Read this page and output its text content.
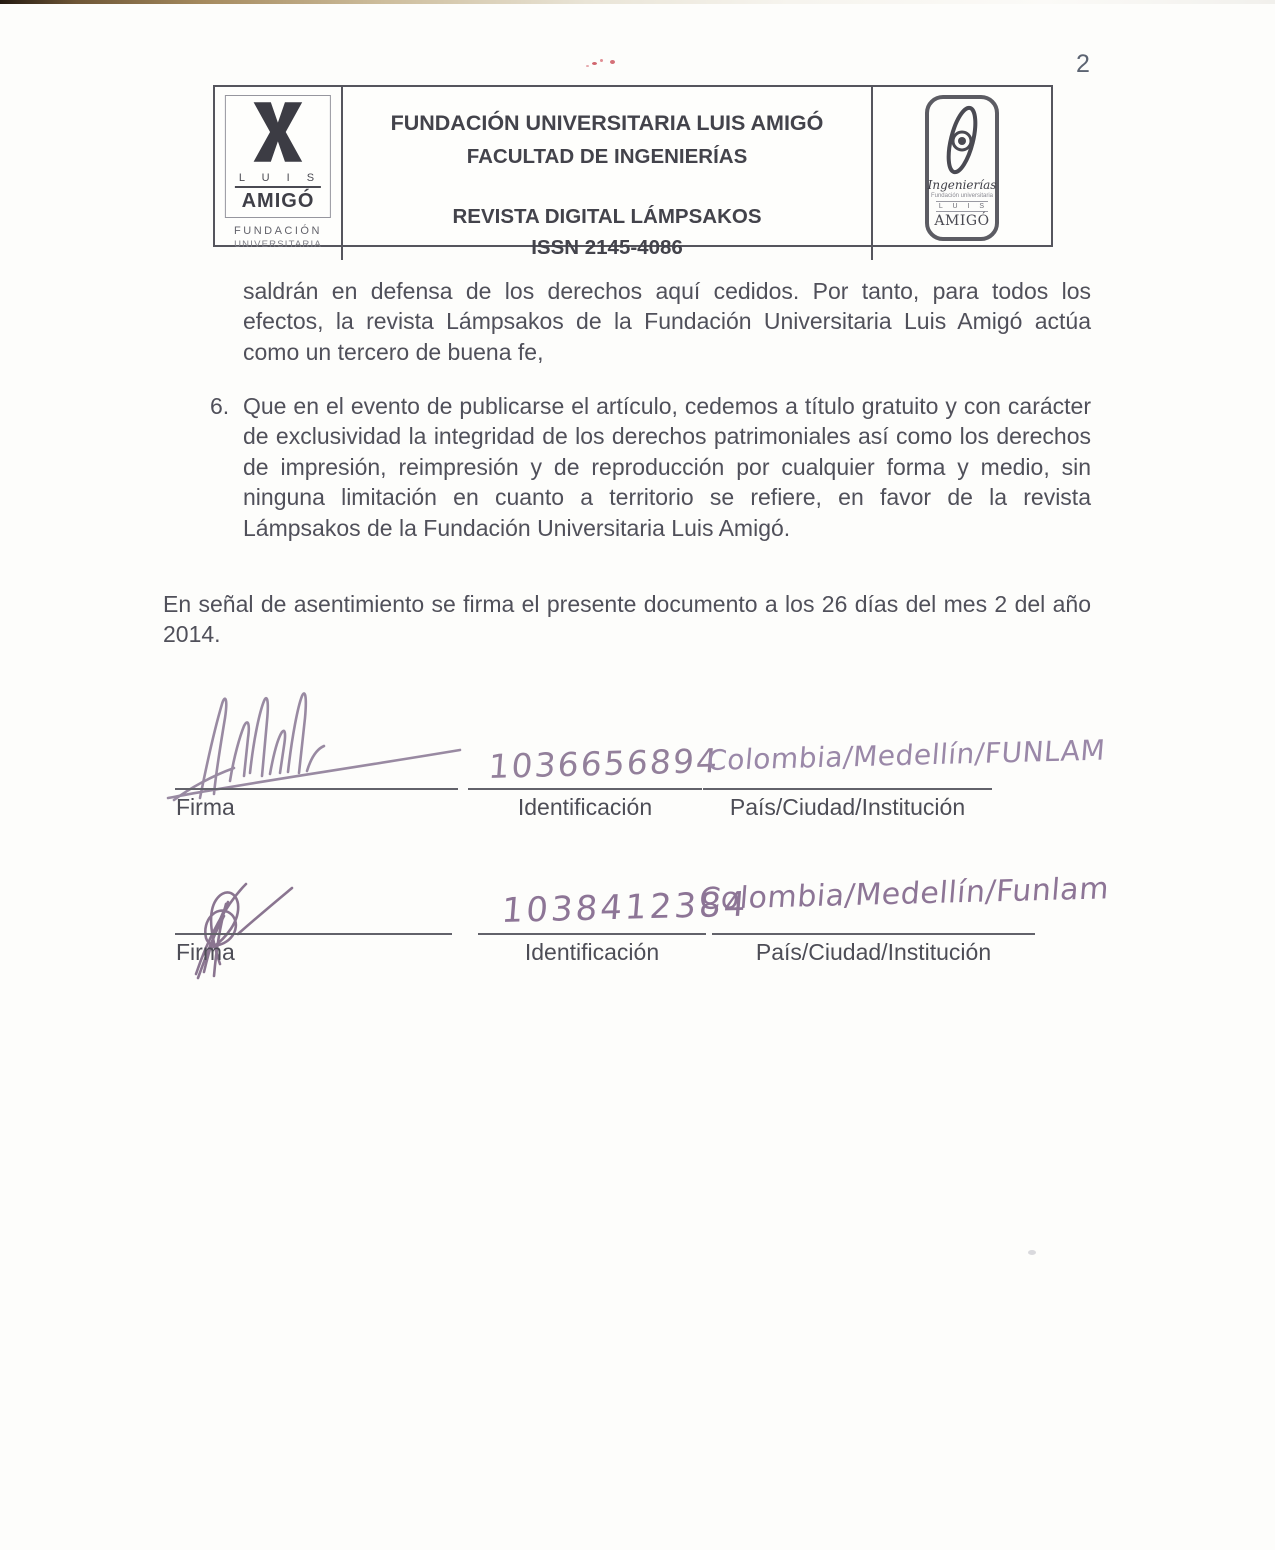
2
L U I S
AMIGÓ
FUNDACIÓN
UNIVERSITARIA
FUNDACIÓN UNIVERSITARIA LUIS AMIGÓ
FACULTAD DE INGENIERÍAS
REVISTA DIGITAL LÁMPSAKOS
ISSN 2145-4086
Ingenierías
Fundación universitaria
L U I S
AMIGÓ
saldrán en defensa de los derechos aquí cedidos. Por tanto, para todos los efectos, la revista Lámpsakos de la Fundación Universitaria Luis Amigó actúa como un tercero de buena fe,
6. Que en el evento de publicarse el artículo, cedemos a título gratuito y con carácter de exclusividad la integridad de los derechos patrimoniales así como los derechos de impresión, reimpresión y de reproducción por cualquier forma y medio, sin ninguna limitación en cuanto a territorio se refiere, en favor de la revista Lámpsakos de la Fundación Universitaria Luis Amigó.
En señal de asentimiento se firma el presente documento a los 26 días del mes 2 del año 2014.
Firma
1036656894
Identificación
Colombia/Medellín/FUNLAM
País/Ciudad/Institución
Firma
1038412384
Identificación
Colombia/Medellín/Funlam
País/Ciudad/Institución
